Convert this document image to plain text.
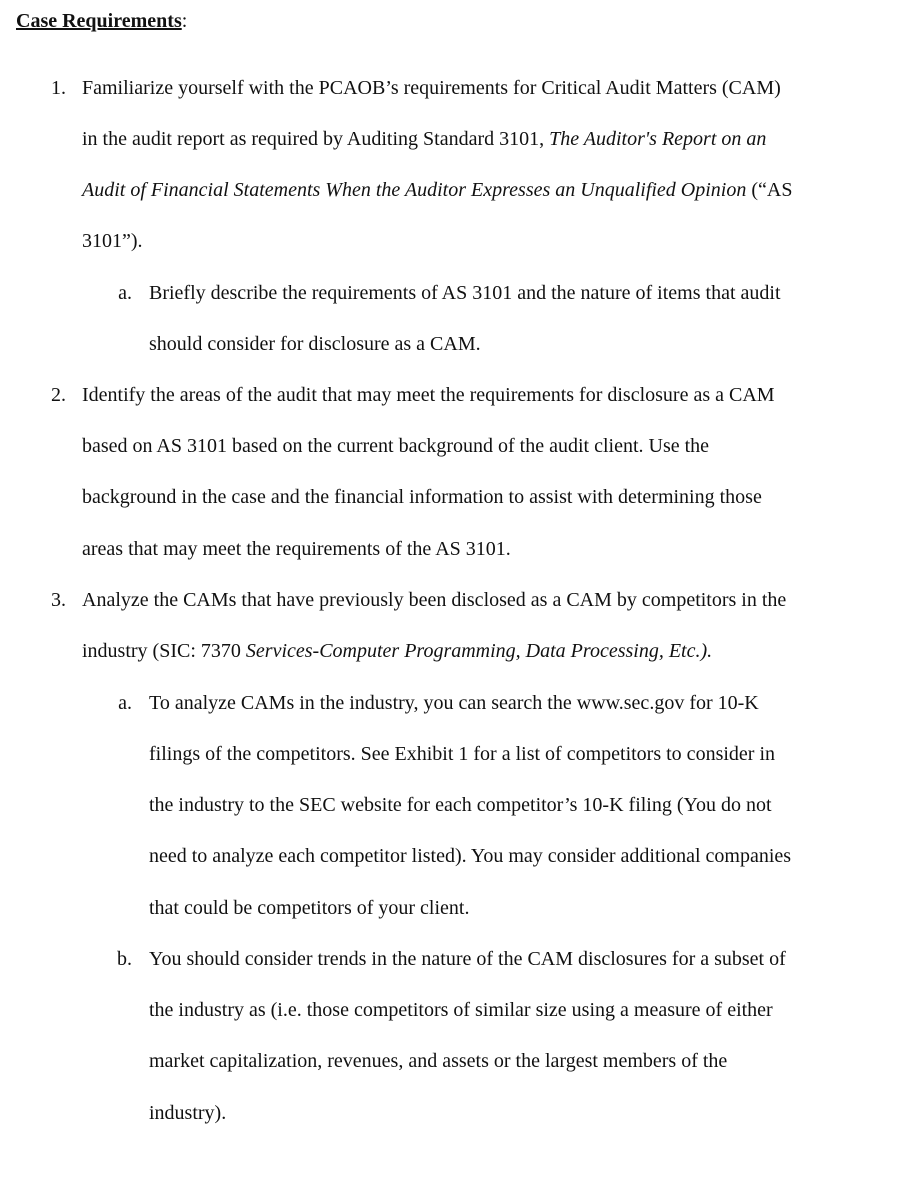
Case Requirements:
1. Familiarize yourself with the PCAOB’s requirements for Critical Audit Matters (CAM)
in the audit report as required by Auditing Standard 3101, The Auditor's Report on an
Audit of Financial Statements When the Auditor Expresses an Unqualified Opinion (“AS
3101”).
a. Briefly describe the requirements of AS 3101 and the nature of items that audit
should consider for disclosure as a CAM.
2. Identify the areas of the audit that may meet the requirements for disclosure as a CAM
based on AS 3101 based on the current background of the audit client. Use the
background in the case and the financial information to assist with determining those
areas that may meet the requirements of the AS 3101.
3. Analyze the CAMs that have previously been disclosed as a CAM by competitors in the
industry (SIC: 7370 Services-Computer Programming, Data Processing, Etc.).
a. To analyze CAMs in the industry, you can search the www.sec.gov for 10-K
filings of the competitors. See Exhibit 1 for a list of competitors to consider in
the industry to the SEC website for each competitor’s 10-K filing (You do not
need to analyze each competitor listed). You may consider additional companies
that could be competitors of your client.
b. You should consider trends in the nature of the CAM disclosures for a subset of
the industry as (i.e. those competitors of similar size using a measure of either
market capitalization, revenues, and assets or the largest members of the
industry).
